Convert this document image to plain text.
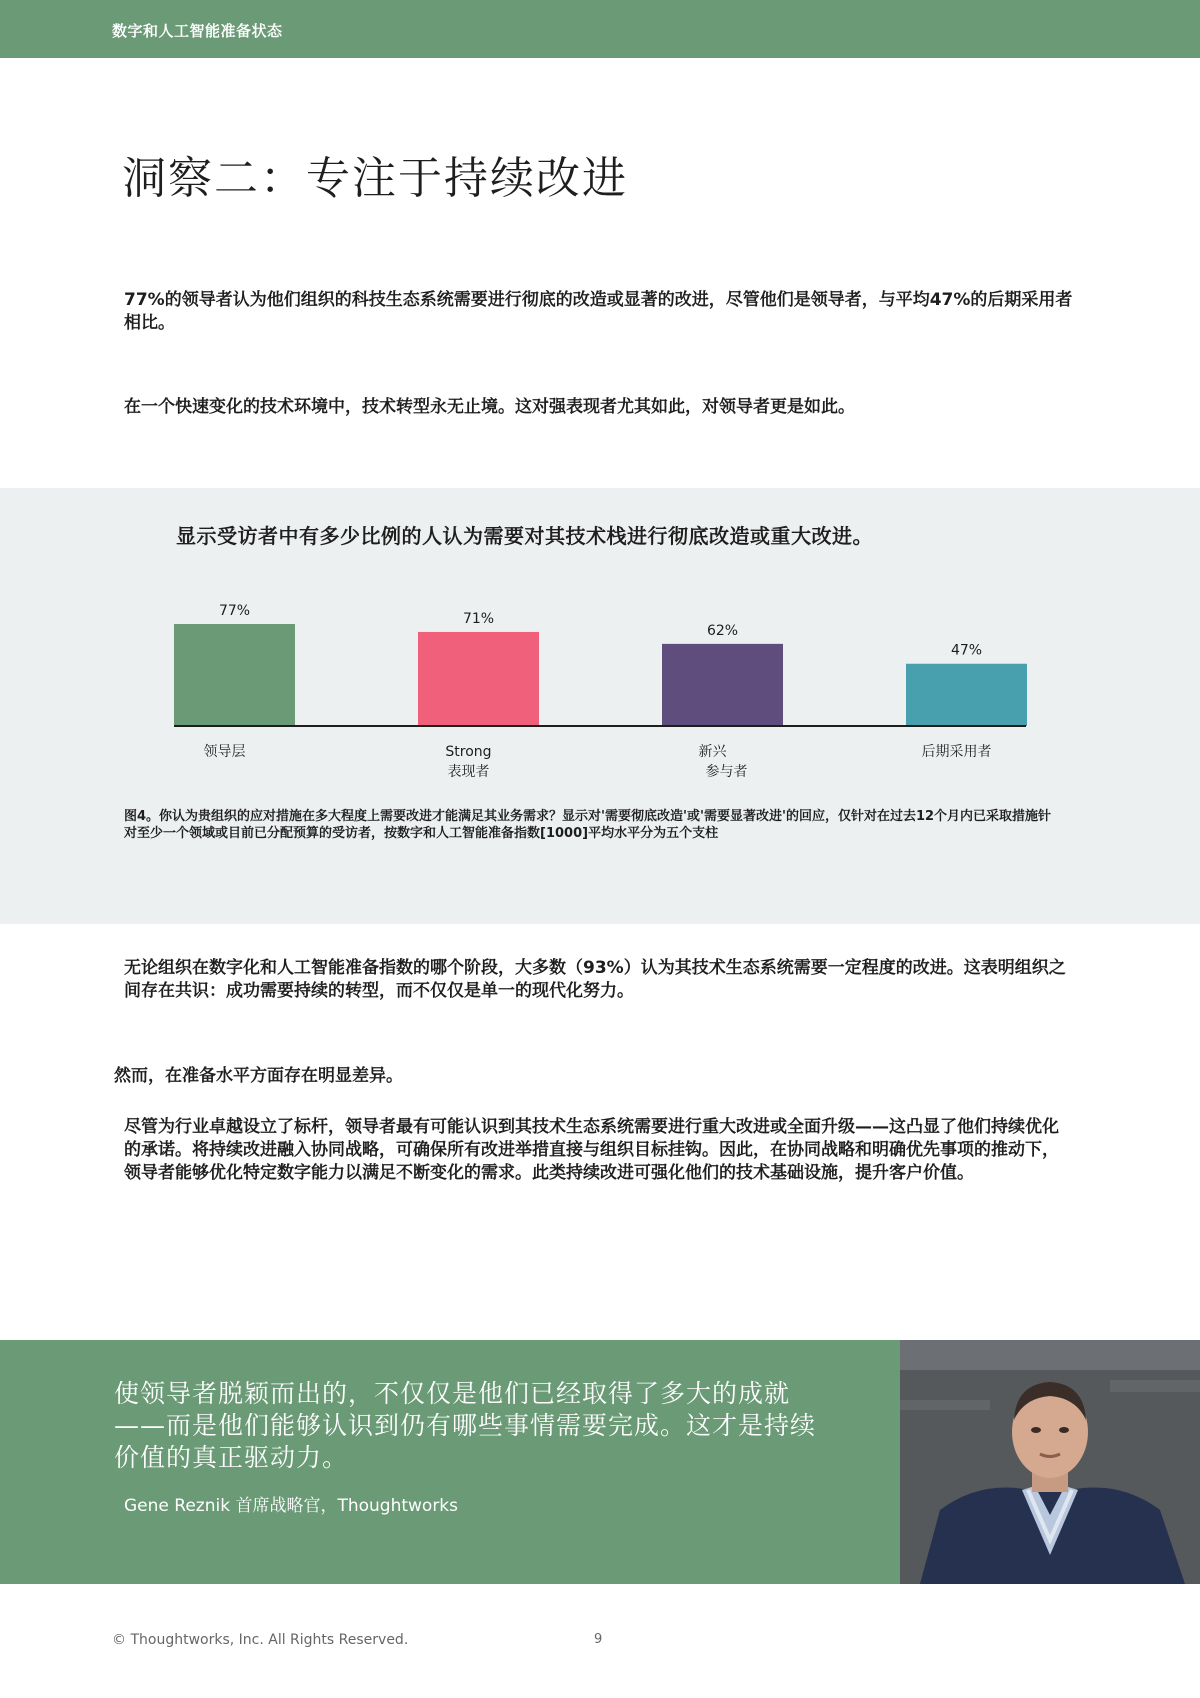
数字和人工智能准备状态
洞察二：专注于持续改进

77%的领导者认为他们组织的科技生态系统需要进行彻底的改造或显著的改进，尽管他们是领导者，与平均47%的后期采用者相比。

在一个快速变化的技术环境中，技术转型永无止境。这对强表现者尤其如此，对领导者更是如此。

显示受访者中有多少比例的人认为需要对其技术栈进行彻底改造或重大改进。
77%
领导层
71%
Strong
表现者
62%
新兴
参与者
47%
后期采用者
图4。你认为贵组织的应对措施在多大程度上需要改进才能满足其业务需求？显示对'需要彻底改造'或'需要显著改进'的回应，仅针对在过去12个月内已采取措施针对至少一个领域或目前已分配预算的受访者，按数字和人工智能准备指数[1000]平均水平分为五个支柱

无论组织在数字化和人工智能准备指数的哪个阶段，大多数（93%）认为其技术生态系统需要一定程度的改进。这表明组织之间存在共识：成功需要持续的转型，而不仅仅是单一的现代化努力。

然而，在准备水平方面存在明显差异。

尽管为行业卓越设立了标杆，领导者最有可能认识到其技术生态系统需要进行重大改进或全面升级——这凸显了他们持续优化的承诺。将持续改进融入协同战略，可确保所有改进举措直接与组织目标挂钩。因此，在协同战略和明确优先事项的推动下，领导者能够优化特定数字能力以满足不断变化的需求。此类持续改进可强化他们的技术基础设施，提升客户价值。

使领导者脱颖而出的，不仅仅是他们已经取得了多大的成就——而是他们能够认识到仍有哪些事情需要完成。这才是持续价值的真正驱动力。
Gene Reznik 首席战略官，Thoughtworks
© Thoughtworks, Inc. All Rights Reserved.	9
